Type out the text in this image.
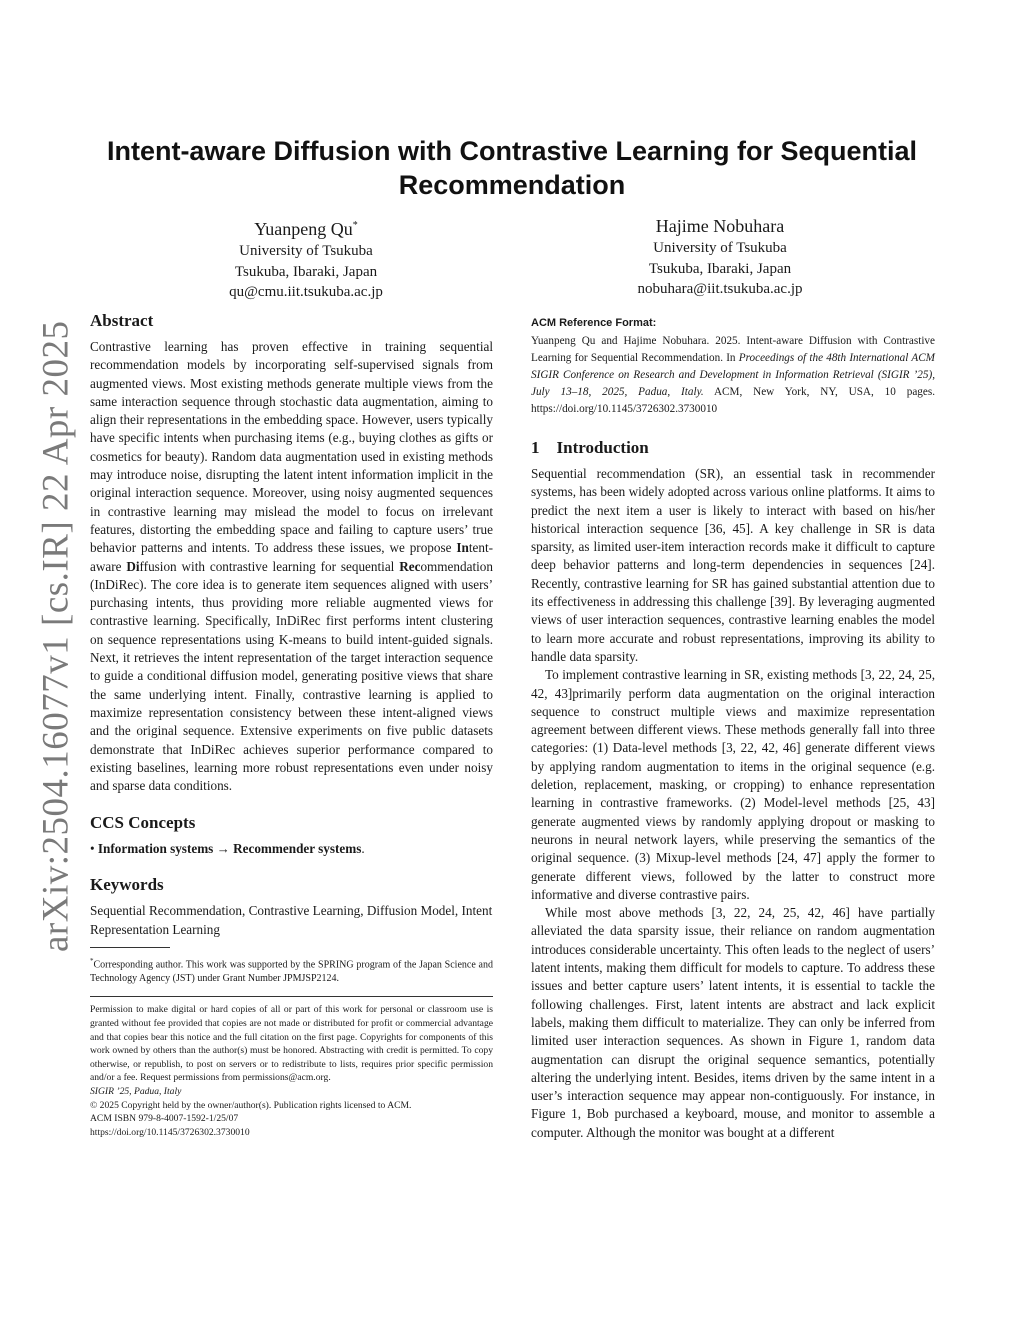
arXiv:2504.16077v1 [cs.IR] 22 Apr 2025
Intent-aware Diffusion with Contrastive Learning for Sequential Recommendation
Yuanpeng Qu*
University of Tsukuba
Tsukuba, Ibaraki, Japan
qu@cmu.iit.tsukuba.ac.jp
Hajime Nobuhara
University of Tsukuba
Tsukuba, Ibaraki, Japan
nobuhara@iit.tsukuba.ac.jp
Abstract

Contrastive learning has proven effective in training sequential recommendation models by incorporating self-supervised signals from augmented views. Most existing methods generate multiple views from the same interaction sequence through stochastic data augmentation, aiming to align their representations in the embedding space. However, users typically have specific intents when purchasing items (e.g., buying clothes as gifts or cosmetics for beauty). Random data augmentation used in existing methods may introduce noise, disrupting the latent intent information implicit in the original interaction sequence. Moreover, using noisy augmented sequences in contrastive learning may mislead the model to focus on irrelevant features, distorting the embedding space and failing to capture users’ true behavior patterns and intents. To address these issues, we propose Intent-aware Diffusion with contrastive learning for sequential Recommendation (InDiRec). The core idea is to generate item sequences aligned with users’ purchasing intents, thus providing more reliable augmented views for contrastive learning. Specifically, InDiRec first performs intent clustering on sequence representations using K-means to build intent-guided signals. Next, it retrieves the intent representation of the target interaction sequence to guide a conditional diffusion model, generating positive views that share the same underlying intent. Finally, contrastive learning is applied to maximize representation consistency between these intent-aligned views and the original sequence. Extensive experiments on five public datasets demonstrate that InDiRec achieves superior performance compared to existing baselines, learning more robust representations even under noisy and sparse data conditions.

CCS Concepts

• Information systems → Recommender systems.

Keywords

Sequential Recommendation, Contrastive Learning, Diffusion Model, Intent Representation Learning

*Corresponding author. This work was supported by the SPRING program of the Japan Science and Technology Agency (JST) under Grant Number JPMJSP2124.

Permission to make digital or hard copies of all or part of this work for personal or classroom use is granted without fee provided that copies are not made or distributed for profit or commercial advantage and that copies bear this notice and the full citation on the first page. Copyrights for components of this work owned by others than the author(s) must be honored. Abstracting with credit is permitted. To copy otherwise, or republish, to post on servers or to redistribute to lists, requires prior specific permission and/or a fee. Request permissions from permissions@acm.org.

SIGIR ’25, Padua, Italy

© 2025 Copyright held by the owner/author(s). Publication rights licensed to ACM.

ACM ISBN 979-8-4007-1592-1/25/07

https://doi.org/10.1145/3726302.3730010

ACM Reference Format:

Yuanpeng Qu and Hajime Nobuhara. 2025. Intent-aware Diffusion with Contrastive Learning for Sequential Recommendation. In Proceedings of the 48th International ACM SIGIR Conference on Research and Development in Information Retrieval (SIGIR ’25), July 13–18, 2025, Padua, Italy. ACM, New York, NY, USA, 10 pages. https://doi.org/10.1145/3726302.3730010

1    Introduction

Sequential recommendation (SR), an essential task in recommender systems, has been widely adopted across various online platforms. It aims to predict the next item a user is likely to interact with based on his/her historical interaction sequence [36, 45]. A key challenge in SR is data sparsity, as limited user-item interaction records make it difficult to capture deep behavior patterns and long-term dependencies in sequences [24]. Recently, contrastive learning for SR has gained substantial attention due to its effectiveness in addressing this challenge [39]. By leveraging augmented views of user interaction sequences, contrastive learning enables the model to learn more accurate and robust representations, improving its ability to handle data sparsity.

To implement contrastive learning in SR, existing methods [3, 22, 24, 25, 42, 43]primarily perform data augmentation on the original interaction sequence to construct multiple views and maximize representation agreement between different views. These methods generally fall into three categories: (1) Data-level methods [3, 22, 42, 46] generate different views by applying random augmentation to items in the original sequence (e.g. deletion, replacement, masking, or cropping) to enhance representation learning in contrastive frameworks. (2) Model-level methods [25, 43] generate augmented views by randomly applying dropout or masking to neurons in neural network layers, while preserving the semantics of the original sequence. (3) Mixup-level methods [24, 47] apply the former to generate different views, followed by the latter to construct more informative and diverse contrastive pairs.

While most above methods [3, 22, 24, 25, 42, 46] have partially alleviated the data sparsity issue, their reliance on random augmentation introduces considerable uncertainty. This often leads to the neglect of users’ latent intents, making them difficult for models to capture. To address these issues and better capture users’ latent intents, it is essential to tackle the following challenges. First, latent intents are abstract and lack explicit labels, making them difficult to materialize. They can only be inferred from limited user interaction sequences. As shown in Figure 1, random data augmentation can disrupt the original sequence semantics, potentially altering the underlying intent. Besides, items driven by the same intent in a user’s interaction sequence may appear non-contiguously. For instance, in Figure 1, Bob purchased a keyboard, mouse, and monitor to assemble a computer. Although the monitor was bought at a different
